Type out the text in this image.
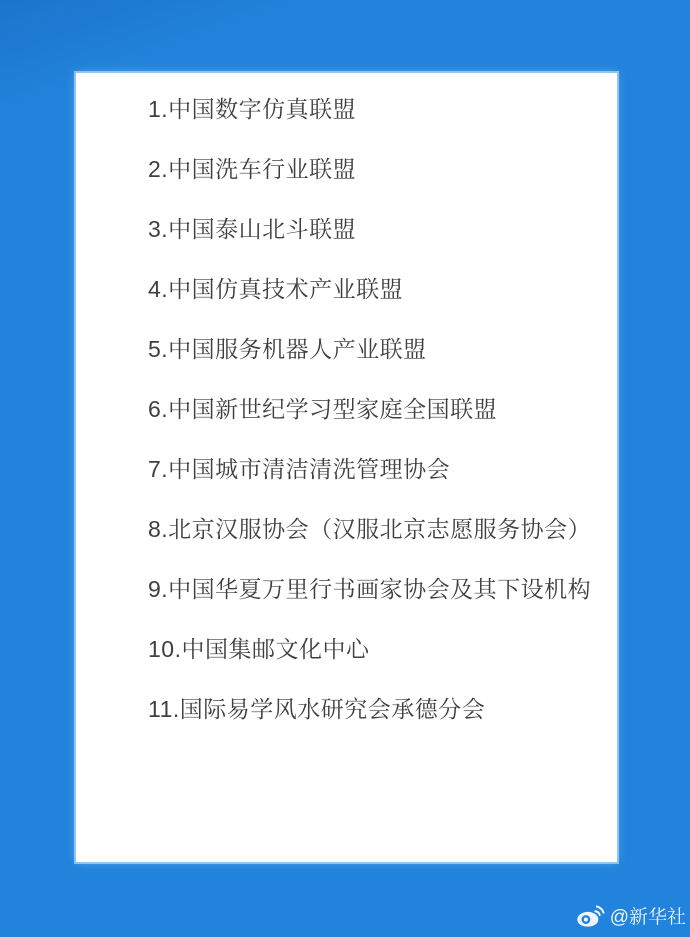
1.中国数字仿真联盟

2.中国洗车行业联盟

3.中国泰山北斗联盟

4.中国仿真技术产业联盟

5.中国服务机器人产业联盟

6.中国新世纪学习型家庭全国联盟

7.中国城市清洁清洗管理协会

8.北京汉服协会（汉服北京志愿服务协会）

9.中国华夏万里行书画家协会及其下设机构

10.中国集邮文化中心

11.国际易学风水研究会承德分会

@新华社
